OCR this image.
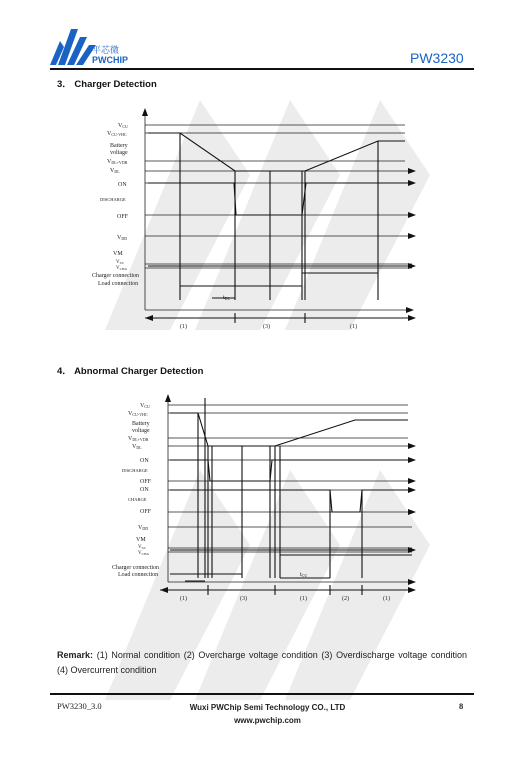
平芯微
PWCHIP	PW3230
3． Charger Detection
VCU
VCU-VHC
Battery
voltage
VDL+VDR
VDL
ON
DISCHARGE
OFF
VDD
VM
$V_{SS}$
$V_{CHA}$
Charger connection
Load connection
tDL
(1)	(3)	(1)
4． Abnormal Charger Detection
VCU
VCU-VHC
Battery
voltage
VDL+VDR
VDL
ON
DISCHARGE
OFF
ON
CHARGE
OFF
VDD
VM
$V_{SS}$
$V_{CHA}$
Charger connection
Load connection	tCU
(1)	(3)	(1)	(2)	(1)
Remark: (1) Normal condition (2) Overcharge voltage condition (3) Overdischarge voltage condition (4) Overcurrent condition
PW3230_3.0	Wuxi PWChip Semi Technology CO., LTD
www.pwchip.com
8
